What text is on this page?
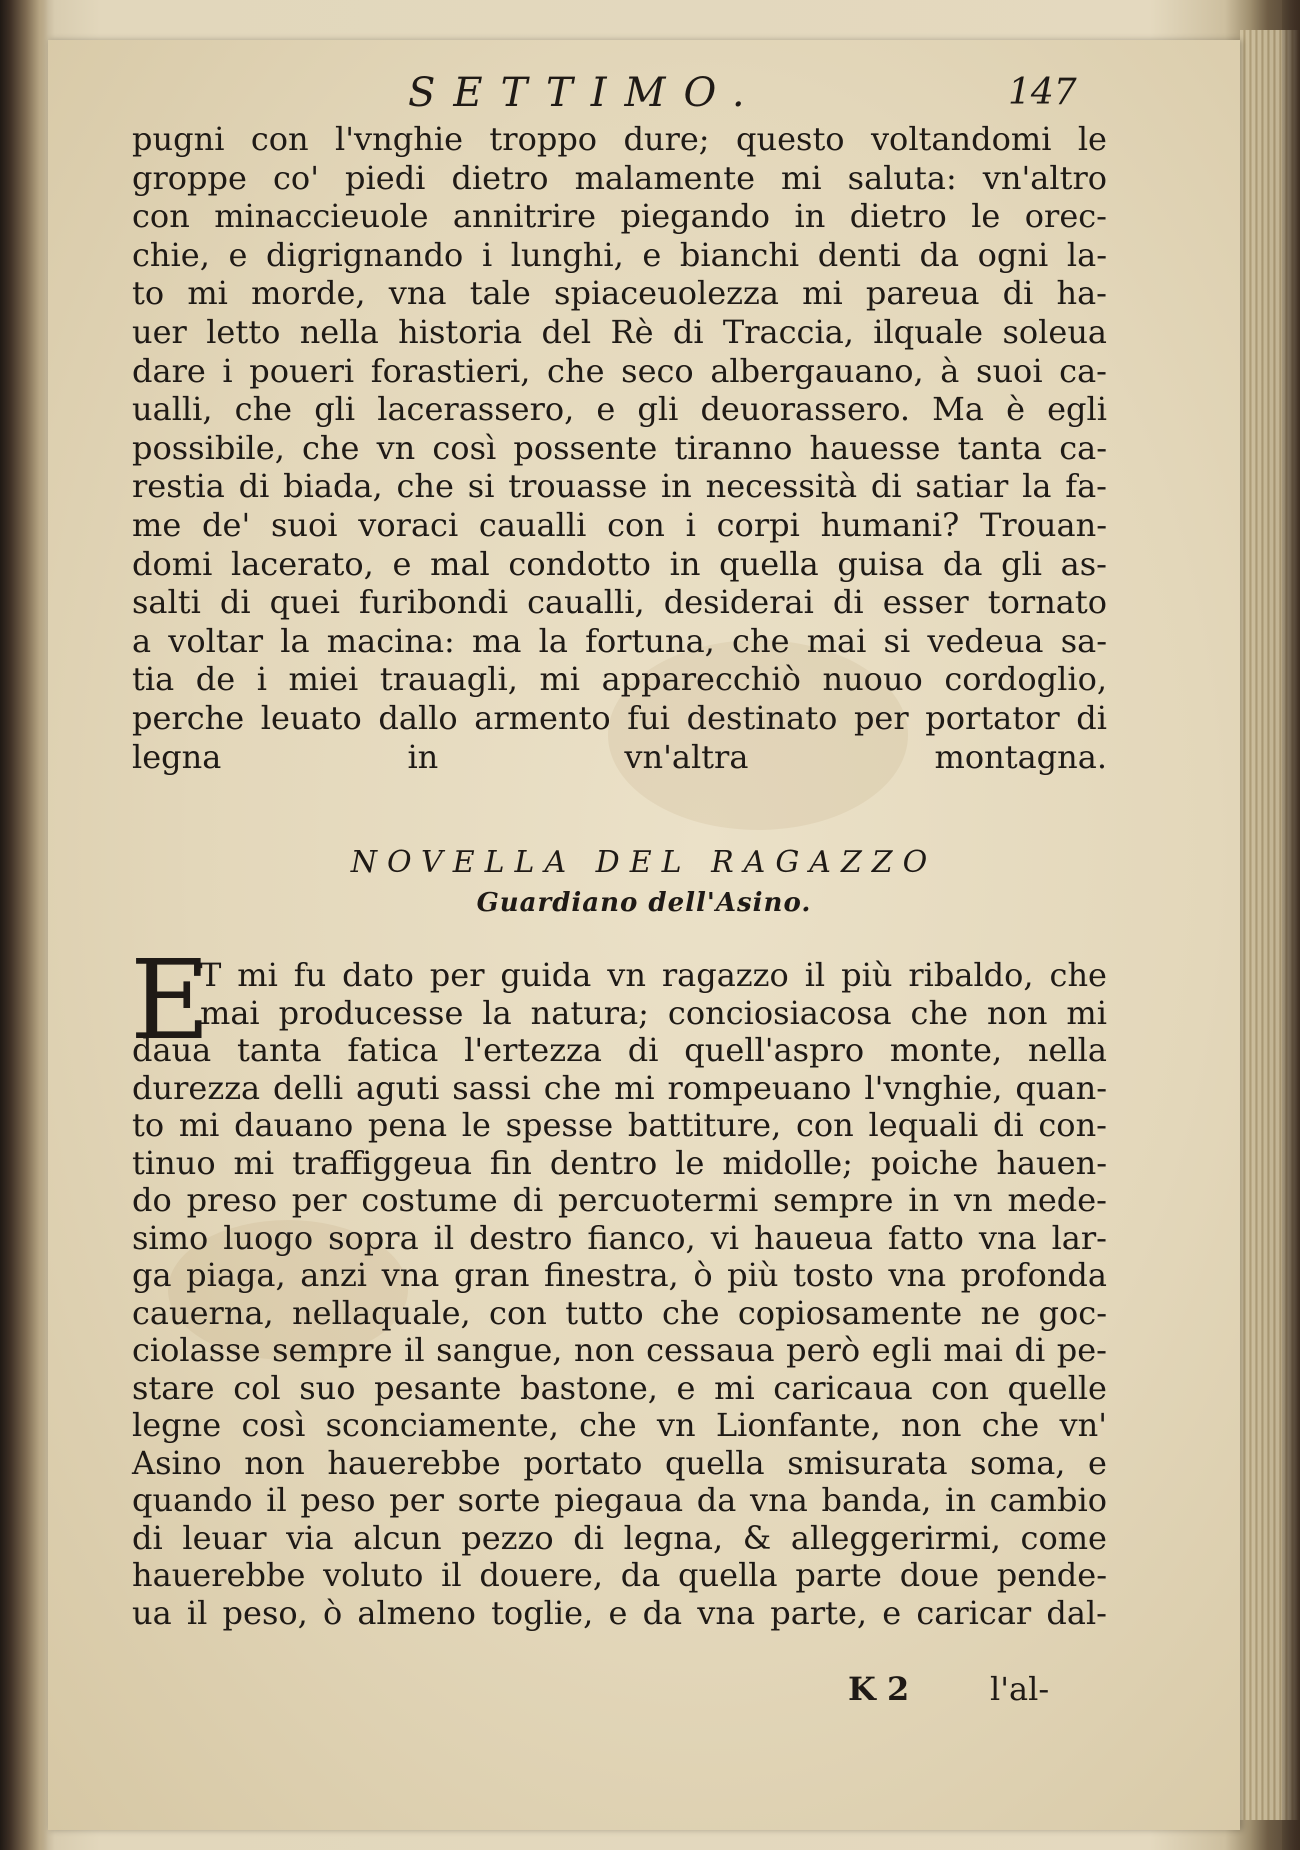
SETTIMO.	147
pugni con l'vnghie troppo dure; questo voltandomi le
groppe co' piedi dietro malamente mi saluta: vn'altro
con minaccieuole annitrire piegando in dietro le orec-
chie, e digrignando i lunghi, e bianchi denti da ogni la-
to mi morde, vna tale spiaceuolezza mi pareua di ha-
uer letto nella historia del Rè di Traccia, ilquale soleua
dare i poueri forastieri, che seco albergauano, à suoi ca-
ualli, che gli lacerassero, e gli deuorassero. Ma è egli
possibile, che vn così possente tiranno hauesse tanta ca-
restia di biada, che si trouasse in necessità di satiar la fa-
me de' suoi voraci caualli con i corpi humani? Trouan-
domi lacerato, e mal condotto in quella guisa da gli as-
salti di quei furibondi caualli, desiderai di esser tornato
a voltar la macina: ma la fortuna, che mai si vedeua sa-
tia de i miei trauagli, mi apparecchiò nuouo cordoglio,
perche leuato dallo armento fui destinato per portator di
legna in vn'altra montagna.
NOVELLA DEL RAGAZZO
Guardiano dell'Asino.
E
T mi fu dato per guida vn ragazzo il più ribaldo, che
mai producesse la natura; conciosiacosa che non mi
daua tanta fatica l'ertezza di quell'aspro monte, nella
durezza delli aguti sassi che mi rompeuano l'vnghie, quan-
to mi dauano pena le spesse battiture, con lequali di con-
tinuo mi traffiggeua fin dentro le midolle; poiche hauen-
do preso per costume di percuotermi sempre in vn mede-
simo luogo sopra il destro fianco, vi haueua fatto vna lar-
ga piaga, anzi vna gran finestra, ò più tosto vna profonda
cauerna, nellaquale, con tutto che copiosamente ne goc-
ciolasse sempre il sangue, non cessaua però egli mai di pe-
stare col suo pesante bastone, e mi caricaua con quelle
legne così sconciamente, che vn Lionfante, non che vn'
Asino non hauerebbe portato quella smisurata soma, e
quando il peso per sorte piegaua da vna banda, in cambio
di leuar via alcun pezzo di legna, & alleggerirmi, come
hauerebbe voluto il douere, da quella parte doue pende-
ua il peso, ò almeno toglie, e da vna parte, e caricar dal-
K 2	l'al-
